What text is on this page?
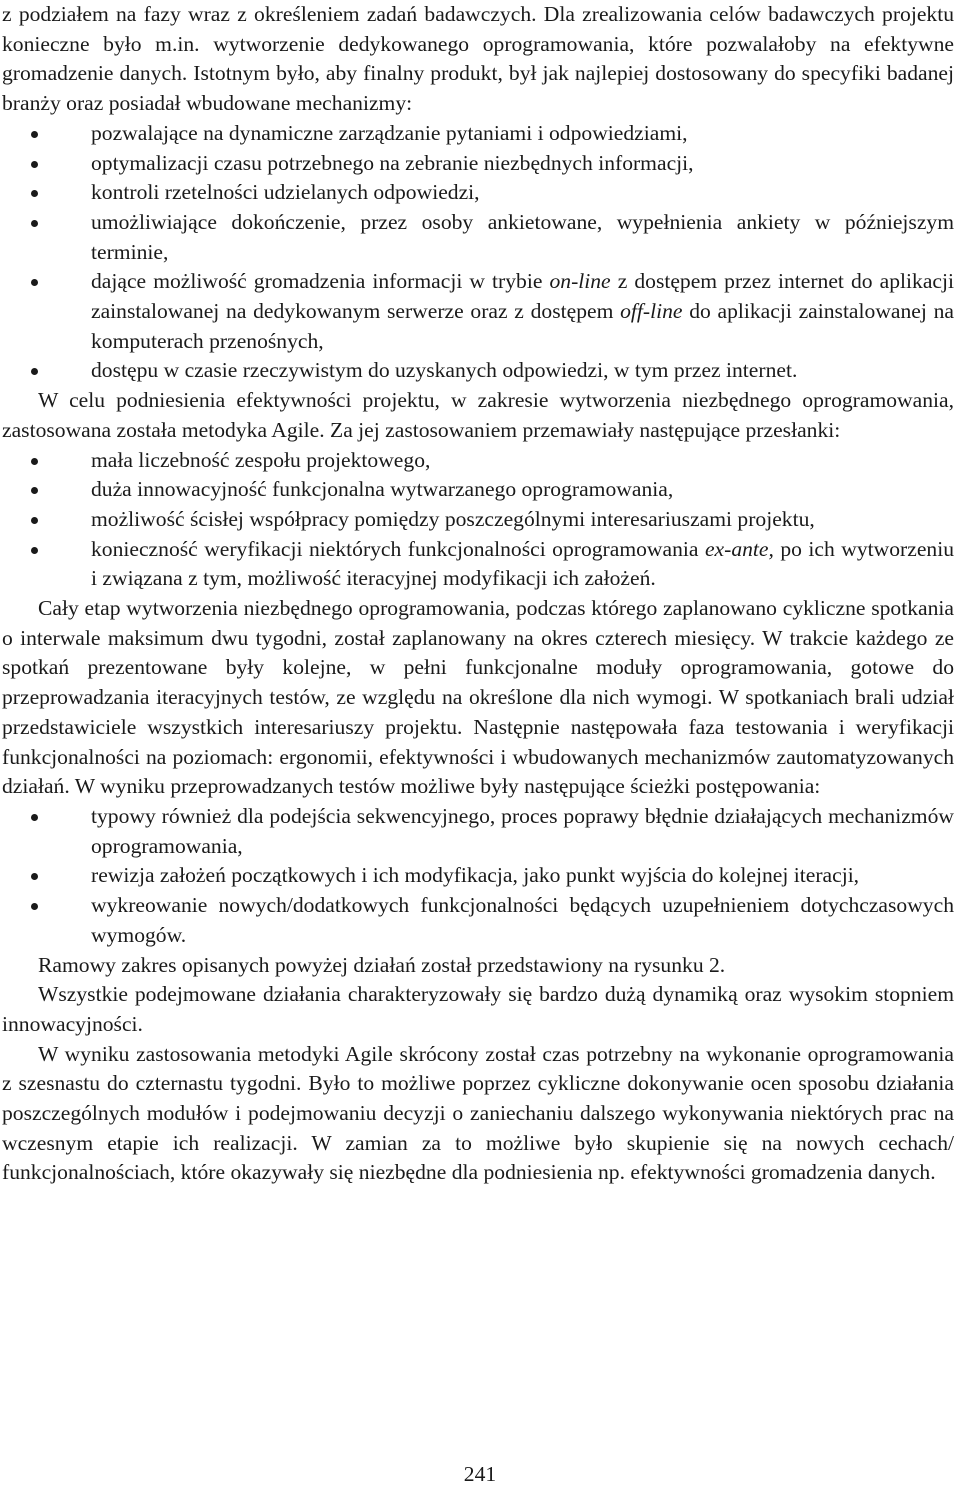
z podziałem na fazy wraz z określeniem zadań badawczych. Dla zrealizowania celów badawczych projektu konieczne było m.in. wytworzenie dedykowanego oprogramowania, które pozwalałoby na efektywne gromadzenie danych. Istotnym było, aby finalny produkt, był jak najlepiej dostosowany do specyfiki badanej branży oraz posiadał wbudowane mechanizmy:

pozwalające na dynamiczne zarządzanie pytaniami i odpowiedziami,
optymalizacji czasu potrzebnego na zebranie niezbędnych informacji,
kontroli rzetelności udzielanych odpowiedzi,
umożliwiające dokończenie, przez osoby ankietowane, wypełnienia ankiety w późniejszym terminie,
dające możliwość gromadzenia informacji w trybie on-line z dostępem przez internet do aplikacji zainstalowanej na dedykowanym serwerze oraz z dostępem off-line do aplikacji zainstalowanej na komputerach przenośnych,
dostępu w czasie rzeczywistym do uzyskanych odpowiedzi, w tym przez internet.

W celu podniesienia efektywności projektu, w zakresie wytworzenia niezbędnego oprogramowania, zastosowana została metodyka Agile. Za jej zastosowaniem przemawiały następujące przesłanki:

mała liczebność zespołu projektowego,
duża innowacyjność funkcjonalna wytwarzanego oprogramowania,
możliwość ścisłej współpracy pomiędzy poszczególnymi interesariuszami projektu,
konieczność weryfikacji niektórych funkcjonalności oprogramowania ex-ante, po ich wytworzeniu i związana z tym, możliwość iteracyjnej modyfikacji ich założeń.

Cały etap wytworzenia niezbędnego oprogramowania, podczas którego zaplanowano cykliczne spotkania o interwale maksimum dwu tygodni, został zaplanowany na okres czterech miesięcy. W trakcie każdego ze spotkań prezentowane były kolejne, w pełni funkcjonalne moduły oprogramowania, gotowe do przeprowadzania iteracyjnych testów, ze względu na określone dla nich wymogi. W spotkaniach brali udział przedstawiciele wszystkich interesariuszy projektu. Następnie następowała faza testowania i weryfikacji funkcjonalności na poziomach: ergonomii, efektywności i wbudowanych mechanizmów zautomatyzowanych działań. W wyniku przeprowadzanych testów możliwe były następujące ścieżki postępowania:

typowy również dla podejścia sekwencyjnego, proces poprawy błędnie działających mechanizmów oprogramowania,
rewizja założeń początkowych i ich modyfikacja, jako punkt wyjścia do kolejnej iteracji,
wykreowanie nowych/dodatkowych funkcjonalności będących uzupełnieniem dotychczasowych wymogów.

Ramowy zakres opisanych powyżej działań został przedstawiony na rysunku 2.

Wszystkie podejmowane działania charakteryzowały się bardzo dużą dynamiką oraz wysokim stopniem innowacyjności.

W wyniku zastosowania metodyki Agile skrócony został czas potrzebny na wykonanie oprogramowania z szesnastu do czternastu tygodni. Było to możliwe poprzez cykliczne dokonywanie ocen sposobu działania poszczególnych modułów i podejmowaniu decyzji o zaniechaniu dalszego wykonywania niektórych prac na wczesnym etapie ich realizacji. W zamian za to możliwe było skupienie się na nowych cechach/ funkcjonalnościach, które okazywały się niezbędne dla podniesienia np. efektywności gromadzenia danych.

241
